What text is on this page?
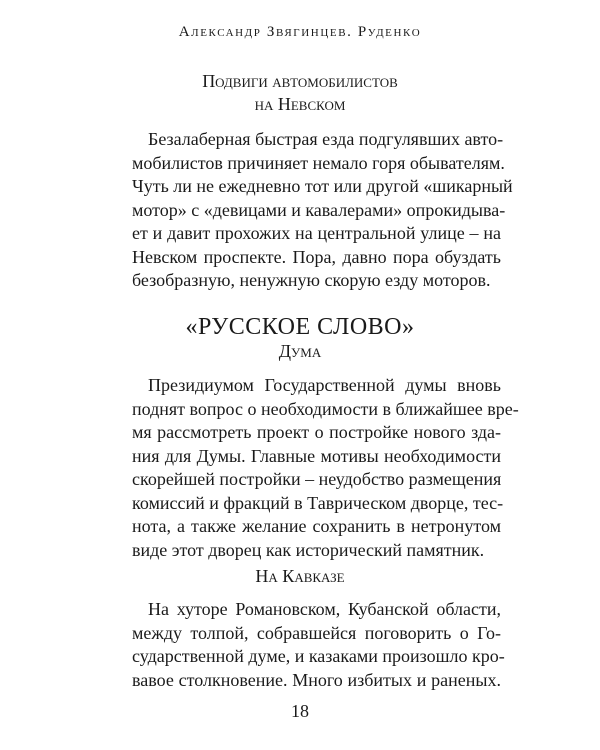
Александр Звягинцев. Руденко
Подвиги автомобилистов
на Невском
Безалаберная быстрая езда подгулявших авто-
мобилистов причиняет немало горя обывателям.
Чуть ли не ежедневно тот или другой «шикарный
мотор» с «девицами и кавалерами» опрокидыва-
ет и давит прохожих на центральной улице – на
Невском проспекте. Пора, давно пора обуздать
безобразную, ненужную скорую езду моторов.
«РУССКОЕ СЛОВО»
Дума
Президиумом Государственной думы вновь
поднят вопрос о необходимости в ближайшее вре-
мя рассмотреть проект о постройке нового зда-
ния для Думы. Главные мотивы необходимости
скорейшей постройки – неудобство размещения
комиссий и фракций в Таврическом дворце, тес-
нота, а также желание сохранить в нетронутом
виде этот дворец как исторический памятник.
На Кавказе
На хуторе Романовском, Кубанской области,
между толпой, собравшейся поговорить о Го-
сударственной думе, и казаками произошло кро-
вавое столкновение. Много избитых и раненых.
18
